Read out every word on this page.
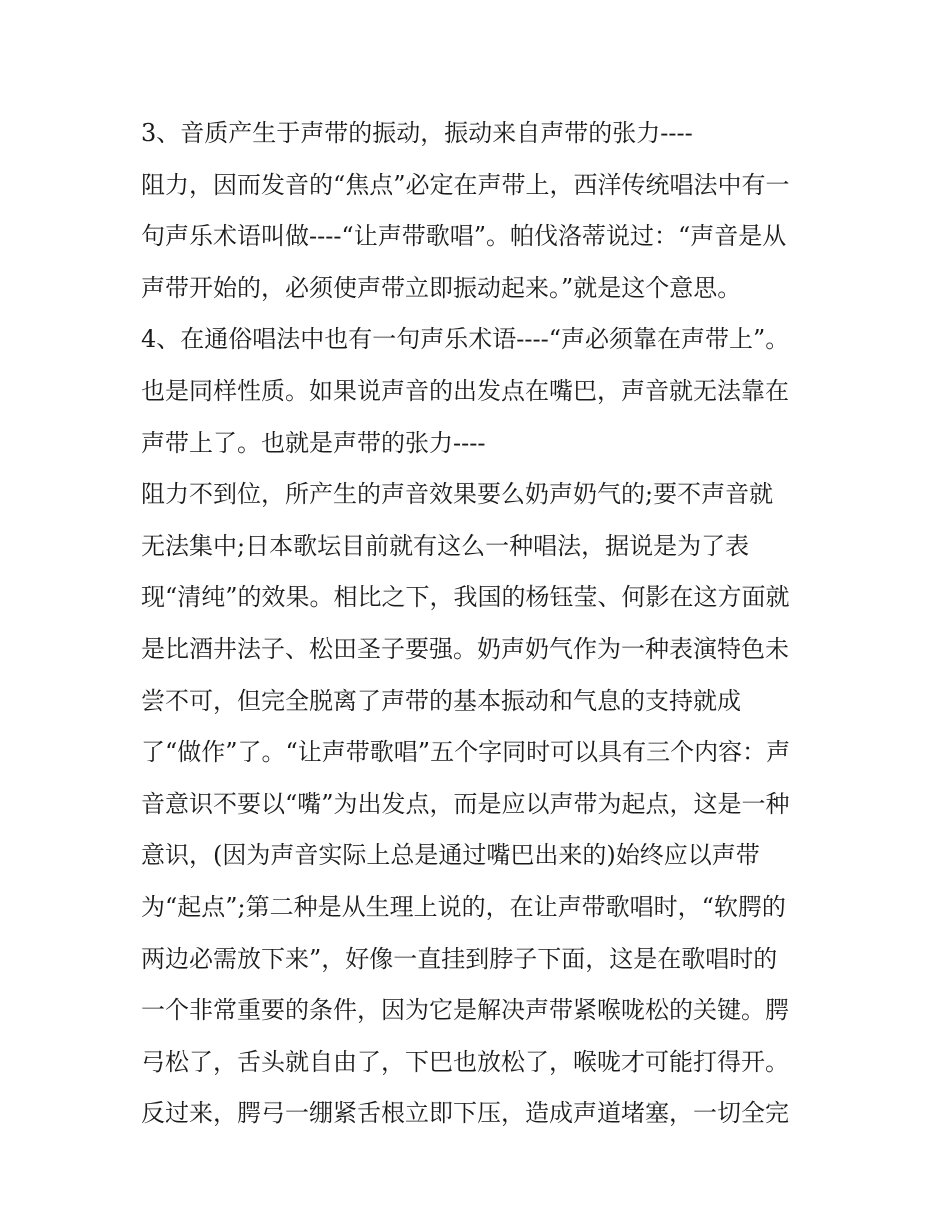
3、音质产生于声带的振动，振动来自声带的张力----
阻力，因而发音的“焦点”必定在声带上，西洋传统唱法中有一
句声乐术语叫做----“让声带歌唱”。帕伐洛蒂说过：“声音是从
声带开始的，必须使声带立即振动起来。”就是这个意思。
4、在通俗唱法中也有一句声乐术语----“声必须靠在声带上”。
也是同样性质。如果说声音的出发点在嘴巴，声音就无法靠在
声带上了。也就是声带的张力----
阻力不到位，所产生的声音效果要么奶声奶气的;要不声音就
无法集中;日本歌坛目前就有这么一种唱法，据说是为了表
现“清纯”的效果。相比之下，我国的杨钰莹、何影在这方面就
是比酒井法子、松田圣子要强。奶声奶气作为一种表演特色未
尝不可，但完全脱离了声带的基本振动和气息的支持就成
了“做作”了。“让声带歌唱”五个字同时可以具有三个内容：声
音意识不要以“嘴”为出发点，而是应以声带为起点，这是一种
意识，(因为声音实际上总是通过嘴巴出来的)始终应以声带
为“起点”;第二种是从生理上说的，在让声带歌唱时，“软腭的
两边必需放下来”，好像一直挂到脖子下面，这是在歌唱时的
一个非常重要的条件，因为它是解决声带紧喉咙松的关键。腭
弓松了，舌头就自由了，下巴也放松了，喉咙才可能打得开。
反过来，腭弓一绷紧舌根立即下压，造成声道堵塞，一切全完
